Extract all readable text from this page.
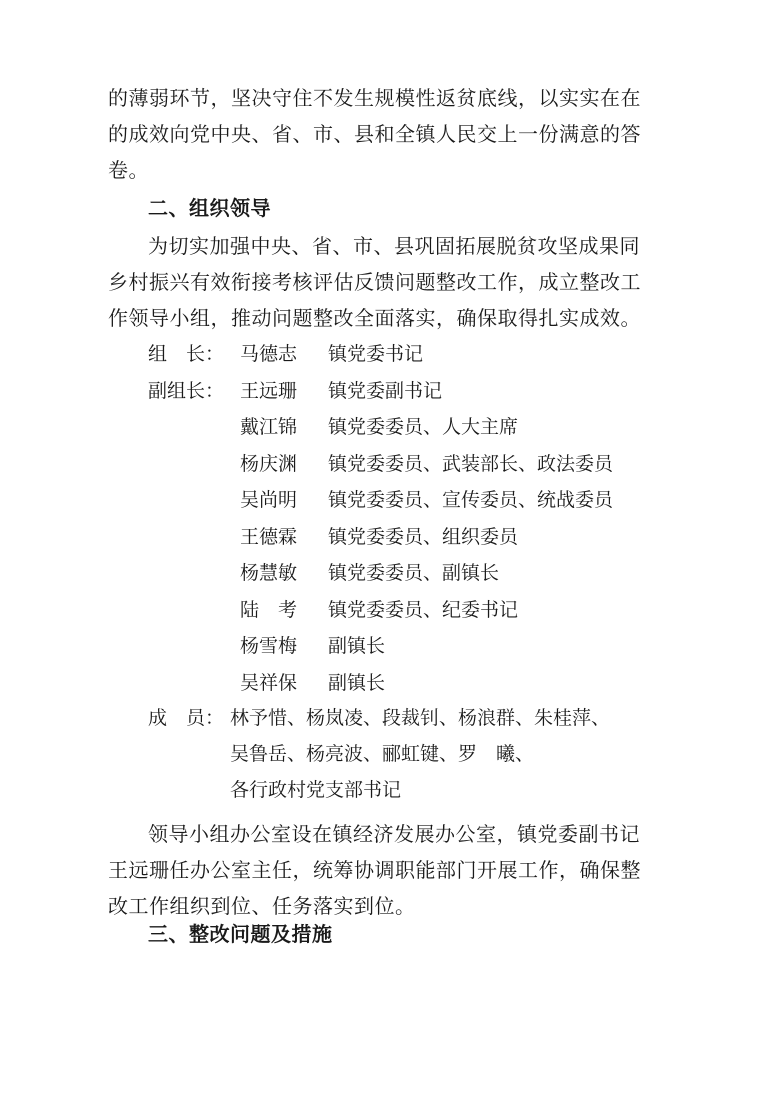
的薄弱环节，坚决守住不发生规模性返贫底线，以实实在在
的成效向党中央、省、市、县和全镇人民交上一份满意的答
卷。

二、组织领导

为切实加强中央、省、市、县巩固拓展脱贫攻坚成果同
乡村振兴有效衔接考核评估反馈问题整改工作，成立整改工
作领导小组，推动问题整改全面落实，确保取得扎实成效。

组　长： 马德志	镇党委书记
副组长： 王远珊	镇党委副书记
戴江锦	镇党委委员、人大主席
杨庆渊	镇党委委员、武装部长、政法委员
吴尚明	镇党委委员、宣传委员、统战委员
王德霖	镇党委委员、组织委员
杨慧敏	镇党委委员、副镇长
陆　考	镇党委委员、纪委书记
杨雪梅	副镇长
吴祥保	副镇长
成　员： 林予惜、杨岚凌、段裁钊、杨浪群、朱桂萍、
吴鲁岳、杨亮波、郦虹键、罗　曦、
各行政村党支部书记

领导小组办公室设在镇经济发展办公室，镇党委副书记
王远珊任办公室主任，统筹协调职能部门开展工作，确保整
改工作组织到位、任务落实到位。

三、整改问题及措施
